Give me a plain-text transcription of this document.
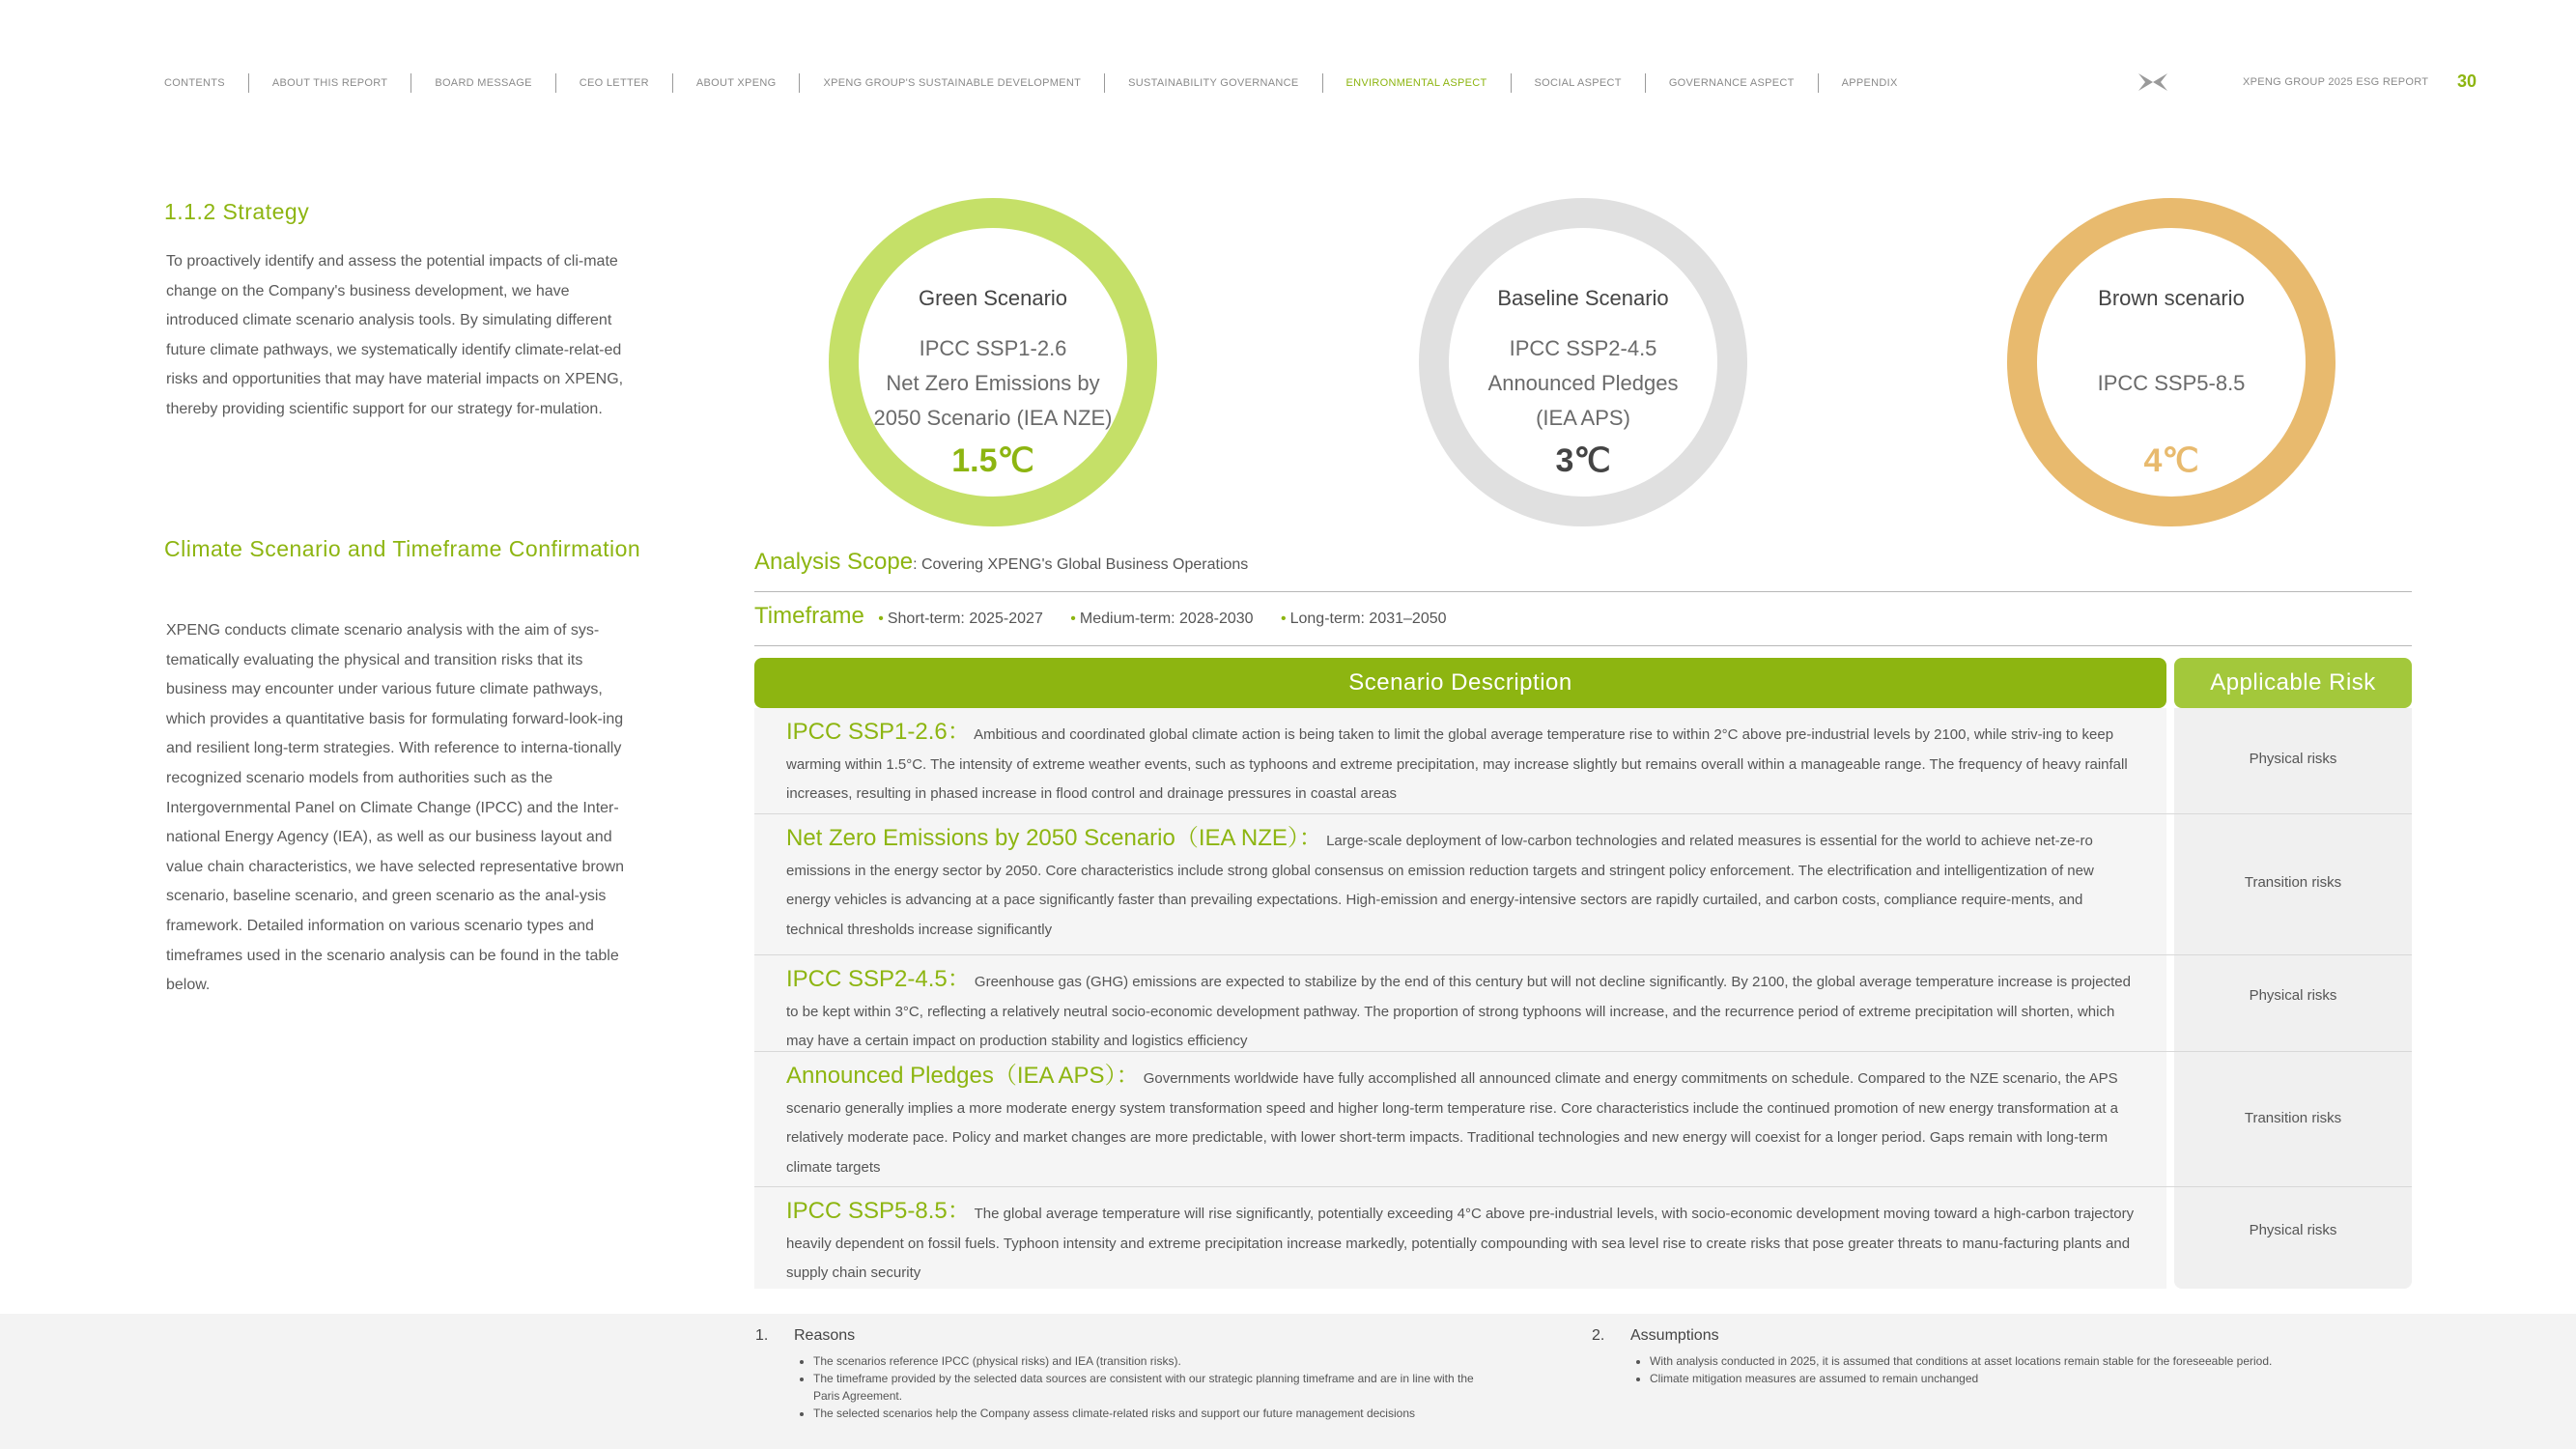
CONTENTS	ABOUT THIS REPORT	BOARD MESSAGE	CEO LETTER	ABOUT XPENG	XPENG GROUP'S SUSTAINABLE DEVELOPMENT	SUSTAINABILITY GOVERNANCE	ENVIRONMENTAL ASPECT	SOCIAL ASPECT	GOVERNANCE ASPECT	APPENDIX	XPENG GROUP 2025 ESG REPORT 30
1.1.2 Strategy

To proactively identify and assess the potential impacts of cli-mate change on the Company's business development, we have introduced climate scenario analysis tools. By simulating different future climate pathways, we systematically identify climate-relat-ed risks and opportunities that may have material impacts on XPENG, thereby providing scientific support for our strategy for-mulation.

Climate Scenario and Timeframe Confirmation

XPENG conducts climate scenario analysis with the aim of sys-tematically evaluating the physical and transition risks that its business may encounter under various future climate pathways, which provides a quantitative basis for formulating forward-look-ing and resilient long-term strategies. With reference to interna-tionally recognized scenario models from authorities such as the Intergovernmental Panel on Climate Change (IPCC) and the Inter-national Energy Agency (IEA), as well as our business layout and value chain characteristics, we have selected representative brown scenario, baseline scenario, and green scenario as the anal-ysis framework. Detailed information on various scenario types and timeframes used in the scenario analysis can be found in the table below.

Green Scenario
IPCC SSP1-2.6
Net Zero Emissions by
2050 Scenario (IEA NZE)
1.5℃
Baseline Scenario
IPCC SSP2-4.5
Announced Pledges
(IEA APS)
3℃
Brown scenario
IPCC SSP5-8.5
4℃
Analysis Scope: Covering XPENG's Global Business Operations
Timeframe • Short-term: 2025-2027 • Medium-term: 2028-2030 • Long-term: 2031–2050
Scenario Description	Applicable Risk

IPCC SSP1-2.6： Ambitious and coordinated global climate action is being taken to limit the global average temperature rise to within 2°C above pre-industrial levels by 2100, while striv-ing to keep warming within 1.5°C. The intensity of extreme weather events, such as typhoons and extreme precipitation, may increase slightly but remains overall within a manageable range. The frequency of heavy rainfall increases, resulting in phased increase in flood control and drainage pressures in coastal areas

Physical risks

Net Zero Emissions by 2050 Scenario（IEA NZE）： Large-scale deployment of low-carbon technologies and related measures is essential for the world to achieve net-ze-ro emissions in the energy sector by 2050. Core characteristics include strong global consensus on emission reduction targets and stringent policy enforcement. The electrification and intelligentization of new energy vehicles is advancing at a pace significantly faster than prevailing expectations. High-emission and energy-intensive sectors are rapidly curtailed, and carbon costs, compliance require-ments, and technical thresholds increase significantly

Transition risks

IPCC SSP2-4.5： Greenhouse gas (GHG) emissions are expected to stabilize by the end of this century but will not decline significantly. By 2100, the global average temperature increase is projected to be kept within 3°C, reflecting a relatively neutral socio-economic development pathway. The proportion of strong typhoons will increase, and the recurrence period of extreme precipitation will shorten, which may have a certain impact on production stability and logistics efficiency

Physical risks

Announced Pledges（IEA APS）： Governments worldwide have fully accomplished all announced climate and energy commitments on schedule. Compared to the NZE scenario, the APS scenario generally implies a more moderate energy system transformation speed and higher long-term temperature rise. Core characteristics include the continued promotion of new energy transformation at a relatively moderate pace. Policy and market changes are more predictable, with lower short-term impacts. Traditional technologies and new energy will coexist for a longer period. Gaps remain with long-term climate targets

Transition risks

IPCC SSP5-8.5： The global average temperature will rise significantly, potentially exceeding 4°C above pre-industrial levels, with socio-economic development moving toward a high-carbon trajectory heavily dependent on fossil fuels. Typhoon intensity and extreme precipitation increase markedly, potentially compounding with sea level rise to create risks that pose greater threats to manu-facturing plants and supply chain security

Physical risks
1. Reasons
• The scenarios reference IPCC (physical risks) and IEA (transition risks).
• The timeframe provided by the selected data sources are consistent with our strategic planning timeframe and are in line with the Paris Agreement.
• The selected scenarios help the Company assess climate-related risks and support our future management decisions
2. Assumptions
• With analysis conducted in 2025, it is assumed that conditions at asset locations remain stable for the foreseeable period.
• Climate mitigation measures are assumed to remain unchanged
